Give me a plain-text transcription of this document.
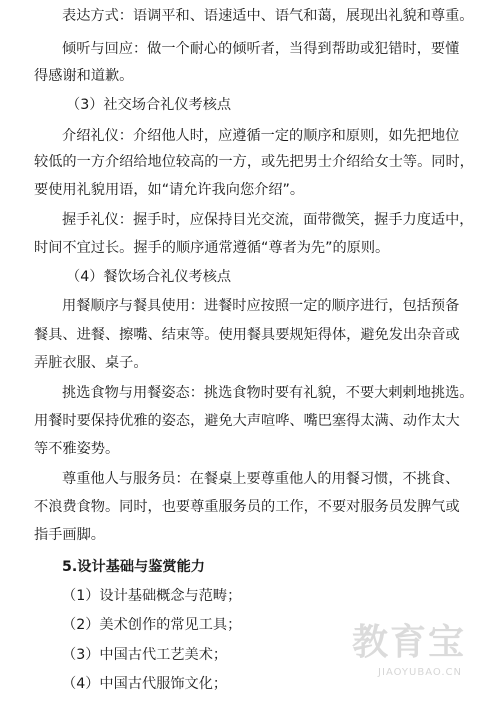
表达方式：语调平和、语速适中、语气和蔼，展现出礼貌和尊重。
倾听与回应：做一个耐心的倾听者，当得到帮助或犯错时，要懂
得感谢和道歉。
（3）社交场合礼仪考核点
介绍礼仪：介绍他人时，应遵循一定的顺序和原则，如先把地位
较低的一方介绍给地位较高的一方，或先把男士介绍给女士等。同时，
要使用礼貌用语，如“请允许我向您介绍”。
握手礼仪：握手时，应保持目光交流，面带微笑，握手力度适中，
时间不宜过长。握手的顺序通常遵循“尊者为先”的原则。
（4）餐饮场合礼仪考核点
用餐顺序与餐具使用：进餐时应按照一定的顺序进行，包括预备
餐具、进餐、擦嘴、结束等。使用餐具要规矩得体，避免发出杂音或
弄脏衣服、桌子。
挑选食物与用餐姿态：挑选食物时要有礼貌，不要大剌剌地挑选。
用餐时要保持优雅的姿态，避免大声喧哗、嘴巴塞得太满、动作太大
等不雅姿势。
尊重他人与服务员：在餐桌上要尊重他人的用餐习惯，不挑食、
不浪费食物。同时，也要尊重服务员的工作，不要对服务员发脾气或
指手画脚。
5.设计基础与鉴赏能力
（1）设计基础概念与范畴；
（2）美术创作的常见工具；
（3）中国古代工艺美术；
（4）中国古代服饰文化；
教育宝
JIAOYUBAO.CN
